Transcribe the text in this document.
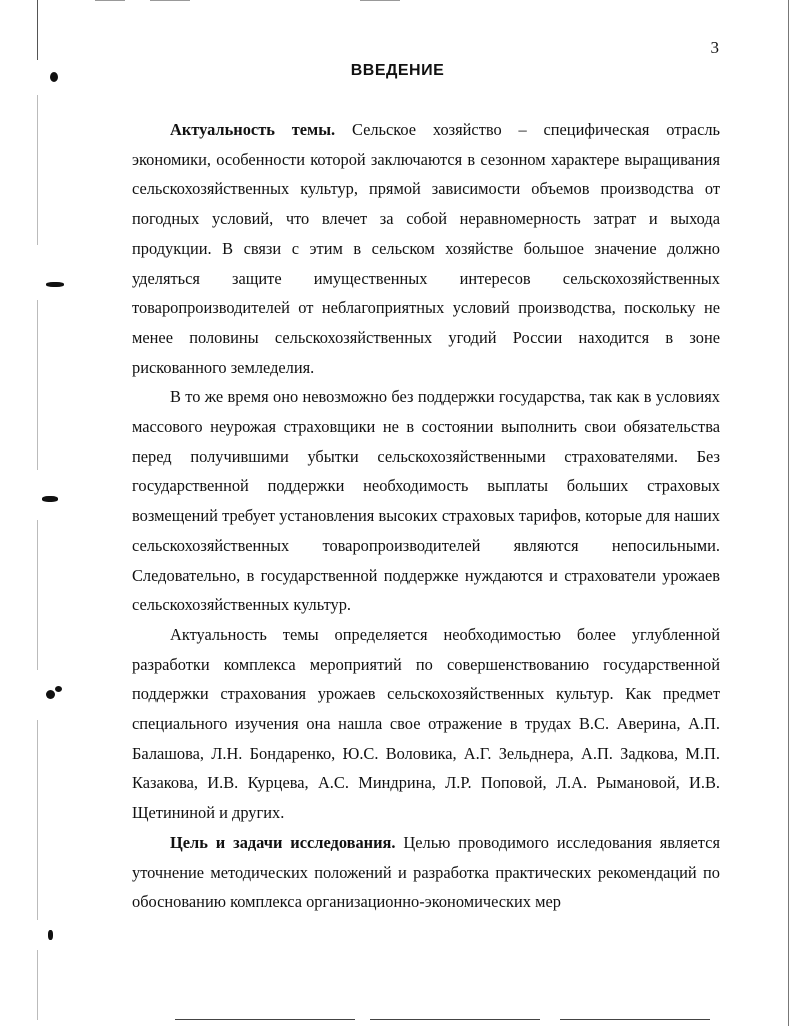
3

ВВЕДЕНИЕ

Актуальность темы. Сельское хозяйство – специфическая отрасль экономики, особенности которой заключаются в сезонном характере выращивания сельскохозяйственных культур, прямой зависимости объемов производства от погодных условий, что влечет за собой неравномерность затрат и выхода продукции. В связи с этим в сельском хозяйстве большое значение должно уделяться защите имущественных интересов сельскохозяйственных товаропроизводителей от неблагоприятных условий производства, поскольку не менее половины сельскохозяйственных угодий России находится в зоне рискованного земледелия.

В то же время оно невозможно без поддержки государства, так как в условиях массового неурожая страховщики не в состоянии выполнить свои обязательства перед получившими убытки сельскохозяйственными страхователями. Без государственной поддержки необходимость выплаты больших страховых возмещений требует установления высоких страховых тарифов, которые для наших сельскохозяйственных товаропроизводителей являются непосильными. Следовательно, в государственной поддержке нуждаются и страхователи урожаев сельскохозяйственных культур.

Актуальность темы определяется необходимостью более углубленной разработки комплекса мероприятий по совершенствованию государственной поддержки страхования урожаев сельскохозяйственных культур. Как предмет специального изучения она нашла свое отражение в трудах В.С. Аверина, А.П. Балашова, Л.Н. Бондаренко, Ю.С. Воловика, А.Г. Зельднера, А.П. Задкова, М.П. Казакова, И.В. Курцева, А.С. Миндрина, Л.Р. Поповой, Л.А. Рымановой, И.В. Щетининой и других.

Цель и задачи исследования. Целью проводимого исследования является уточнение методических положений и разработка практических рекомендаций по обоснованию комплекса организационно-экономических мер
